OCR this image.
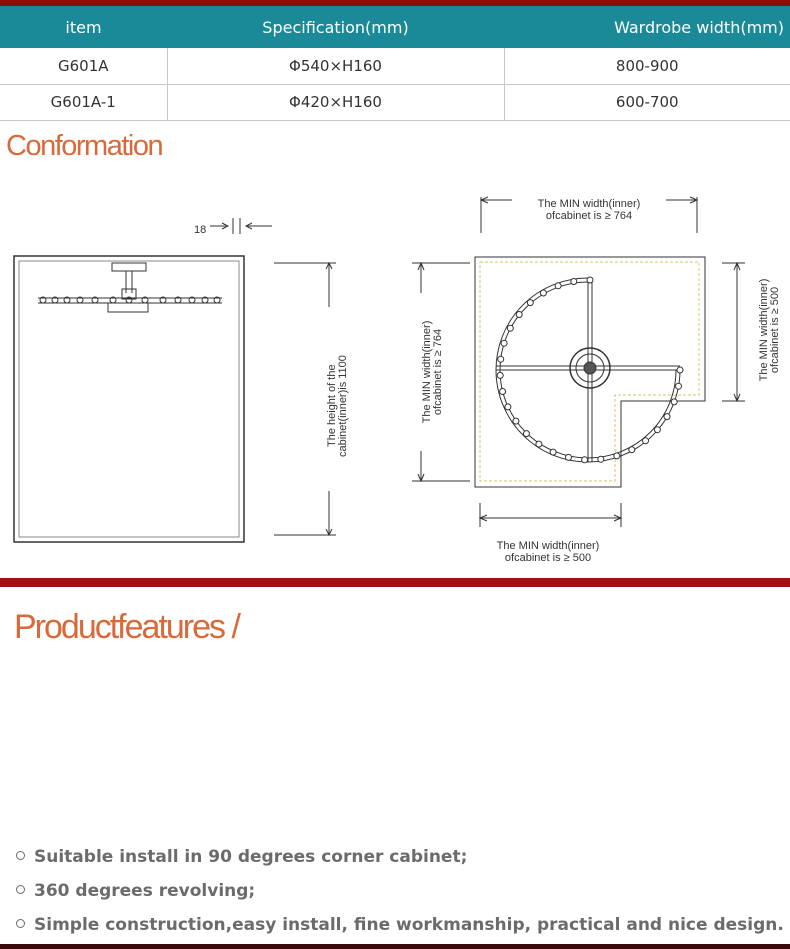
item	Specification(mm)	Wardrobe width(mm)
G601A	Φ540×H160	800-900
G601A-1	Φ420×H160	600-700
Conformation
18
The height of the cabinet(inner)is 1100
The MIN width(inner)
ofcabinet is ≥ 764
The MIN width(inner) ofcabinet is ≥ 764	The MIN width(inner) ofcabinet is ≥ 500
The MIN width(inner)
ofcabinet is ≥ 500
Productfeatures /
Suitable install in 90 degrees corner cabinet;
360 degrees revolving;
Simple construction,easy install, fine workmanship, practical and nice design.
